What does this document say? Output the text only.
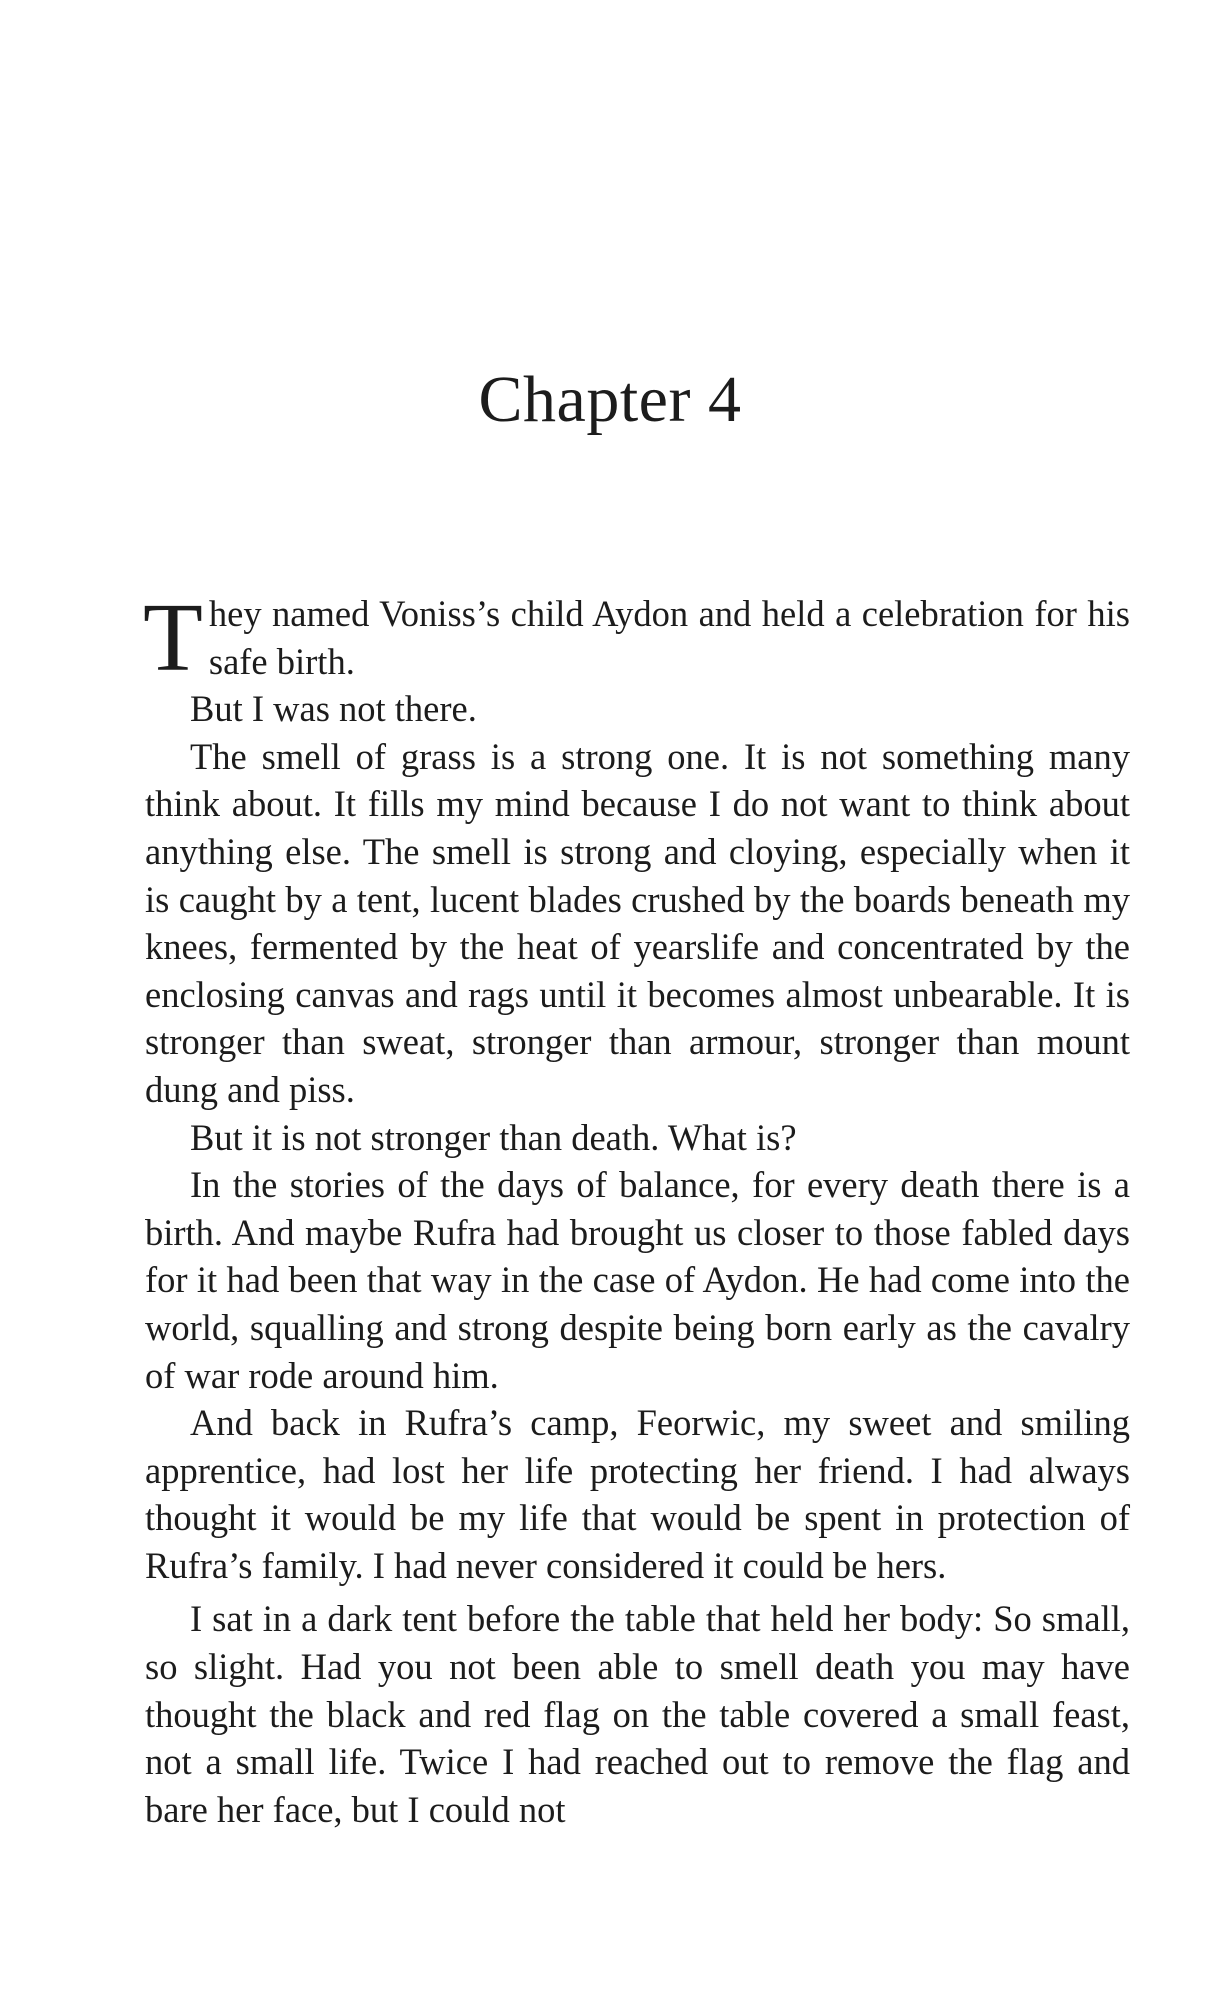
Chapter 4

They named Voniss’s child Aydon and held a celebration for his safe birth.

But I was not there.

The smell of grass is a strong one. It is not something many think about. It fills my mind because I do not want to think about anything else. The smell is strong and cloying, especially when it is caught by a tent, lucent blades crushed by the boards beneath my knees, fermented by the heat of yearslife and concentrated by the enclosing canvas and rags until it becomes almost unbearable. It is stronger than sweat, stronger than armour, stronger than mount dung and piss.

But it is not stronger than death. What is?

In the stories of the days of balance, for every death there is a birth. And maybe Rufra had brought us closer to those fabled days for it had been that way in the case of Aydon. He had come into the world, squalling and strong despite being born early as the cavalry of war rode around him.

And back in Rufra’s camp, Feorwic, my sweet and smiling apprentice, had lost her life protecting her friend. I had always thought it would be my life that would be spent in protection of Rufra’s family. I had never considered it could be hers.

I sat in a dark tent before the table that held her body: So small, so slight. Had you not been able to smell death you may have thought the black and red flag on the table covered a small feast, not a small life. Twice I had reached out to remove the flag and bare her face, but I could not
